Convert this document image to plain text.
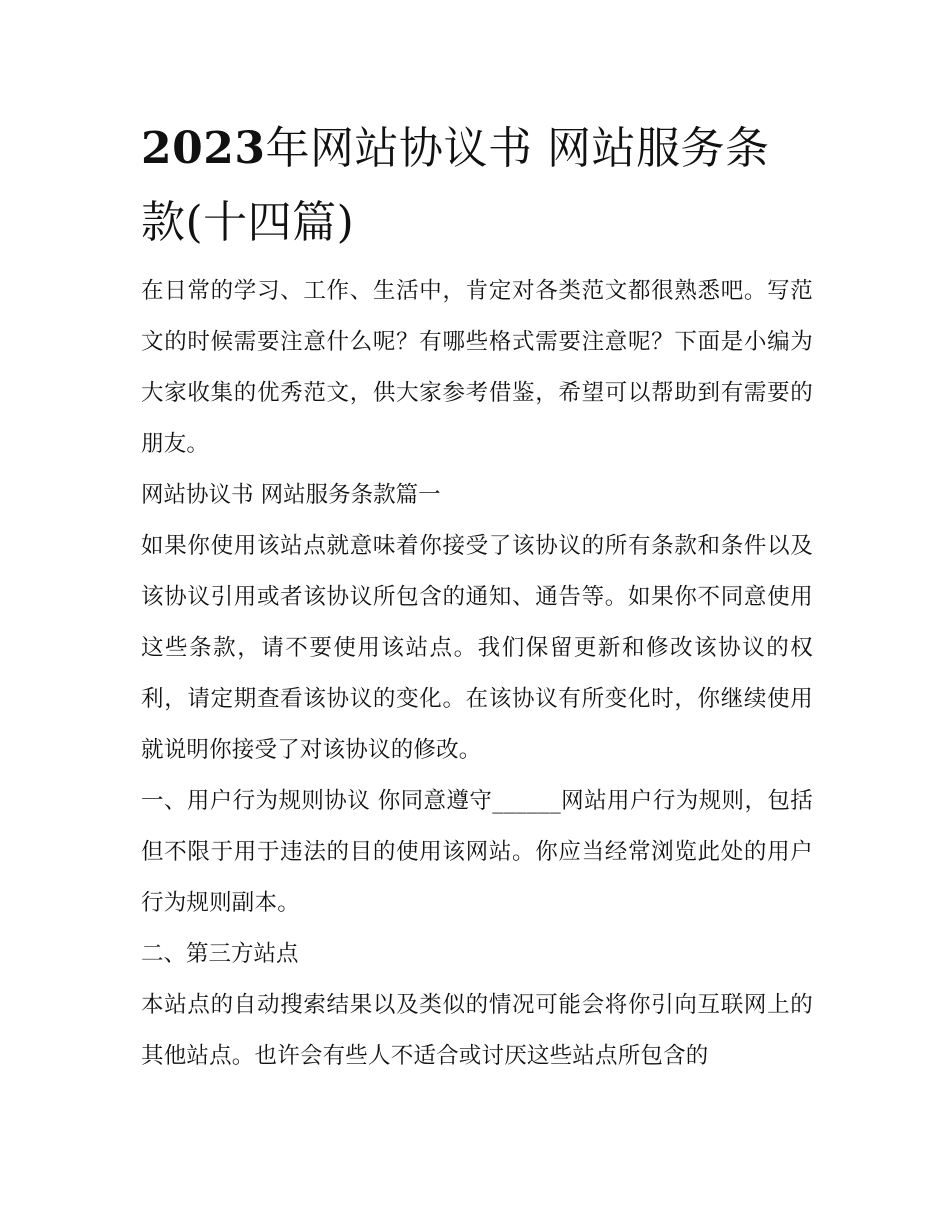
2023年网站协议书 网站服务条款(十四篇)

在日常的学习、工作、生活中，肯定对各类范文都很熟悉吧。写范文的时候需要注意什么呢？有哪些格式需要注意呢？下面是小编为大家收集的优秀范文，供大家参考借鉴，希望可以帮助到有需要的朋友。

网站协议书 网站服务条款篇一

如果你使用该站点就意味着你接受了该协议的所有条款和条件以及该协议引用或者该协议所包含的通知、通告等。如果你不同意使用这些条款，请不要使用该站点。我们保留更新和修改该协议的权利，请定期查看该协议的变化。在该协议有所变化时，你继续使用就说明你接受了对该协议的修改。

一、用户行为规则协议 你同意遵守______网站用户行为规则，包括但不限于用于违法的目的使用该网站。你应当经常浏览此处的用户行为规则副本。

二、第三方站点

本站点的自动搜索结果以及类似的情况可能会将你引向互联网上的其他站点。也许会有些人不适合或讨厌这些站点所包含的
